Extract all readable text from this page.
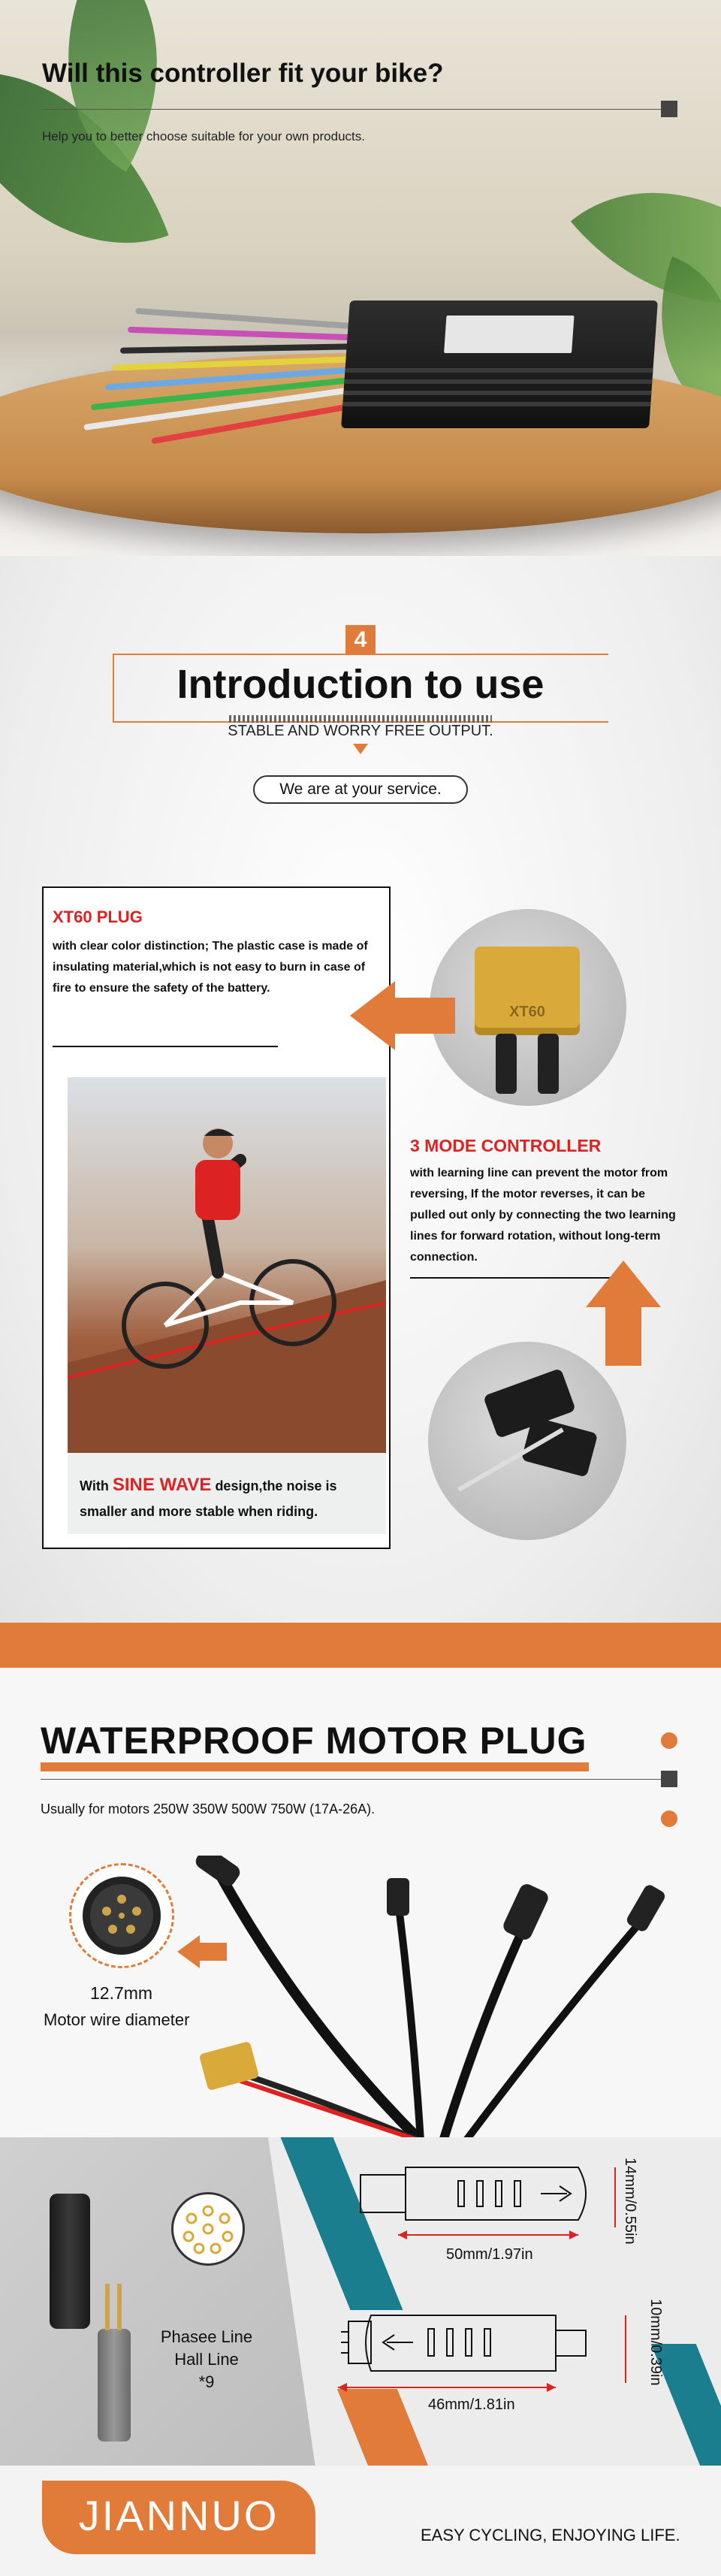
Will this controller fit your bike?

Help you to better choose suitable for your own products.

4
Introduction to use

STABLE AND WORRY FREE OUTPUT.

We are at your service.
XT60 PLUG

with clear color distinction; The plastic case is made of insulating material,which is not easy to burn in case of fire to ensure the safety of the battery.

With SINE WAVE design,the noise is smaller and more stable when riding.

XT60
3 MODE CONTROLLER

with learning line can prevent the motor from reversing, If the motor reverses, it can be pulled out only by connecting the two learning lines for forward rotation, without long-term connection.

WATERPROOF MOTOR PLUG

Usually for motors 250W 350W 500W 750W (17A-26A).

12.7mm

Motor wire diameter

Phasee Line
Hall Line
*9

50mm/1.97in

14mm/0.55in

46mm/1.81in

10mm/0.39in

JIANNUO	EASY CYCLING, ENJOYING LIFE.
